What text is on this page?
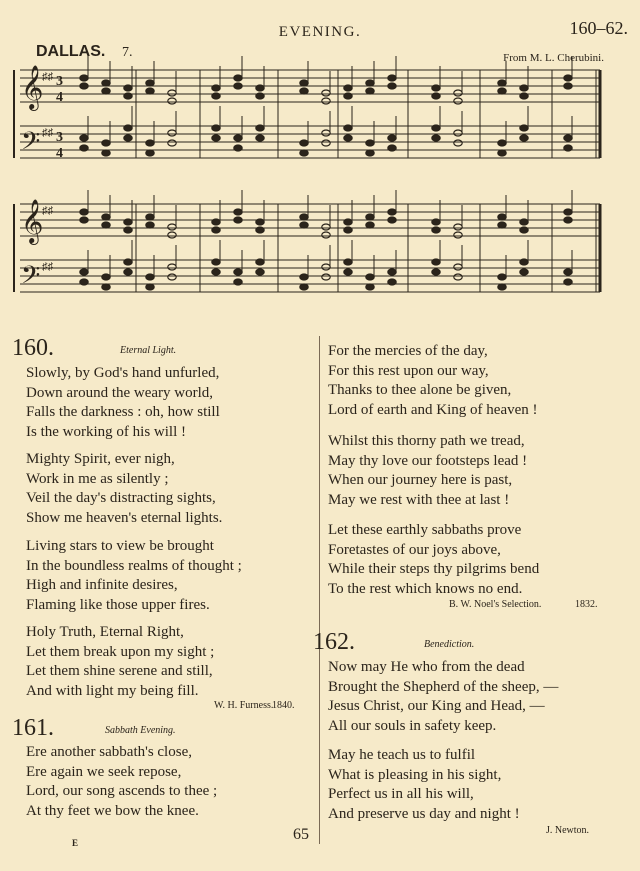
EVENING.	160–62.
DALLAS. 7.	From M. L. Cherubini.
𝄞
𝄢
♯♯
♯♯
3
4
3
4
𝄞
𝄢
♯♯
♯♯
160.	Eternal Light.
Slowly, by God's hand unfurled,
Down around the weary world,
Falls the darkness : oh, how still
Is the working of his will !
Mighty Spirit, ever nigh,
Work in me as silently ;
Veil the day's distracting sights,
Show me heaven's eternal lights.
Living stars to view be brought
In the boundless realms of thought ;
High and infinite desires,
Flaming like those upper fires.
Holy Truth, Eternal Right,
Let them break upon my sight ;
Let them shine serene and still,
And with light my being fill.
W. H. Furness.
1840.
161.	Sabbath Evening.
Ere another sabbath's close,
Ere again we seek repose,
Lord, our song ascends to thee ;
At thy feet we bow the knee.
For the mercies of the day,
For this rest upon our way,
Thanks to thee alone be given,
Lord of earth and King of heaven !
Whilst this thorny path we tread,
May thy love our footsteps lead !
When our journey here is past,
May we rest with thee at last !
Let these earthly sabbaths prove
Foretastes of our joys above,
While their steps thy pilgrims bend
To the rest which knows no end.
B. W. Noel's Selection.	1832.
162.	Benediction.
Now may He who from the dead
Brought the Shepherd of the sheep, —
Jesus Christ, our King and Head, —
All our souls in safety keep.
May he teach us to fulfil
What is pleasing in his sight,
Perfect us in all his will,
And preserve us day and night !
J. Newton.
65
E
